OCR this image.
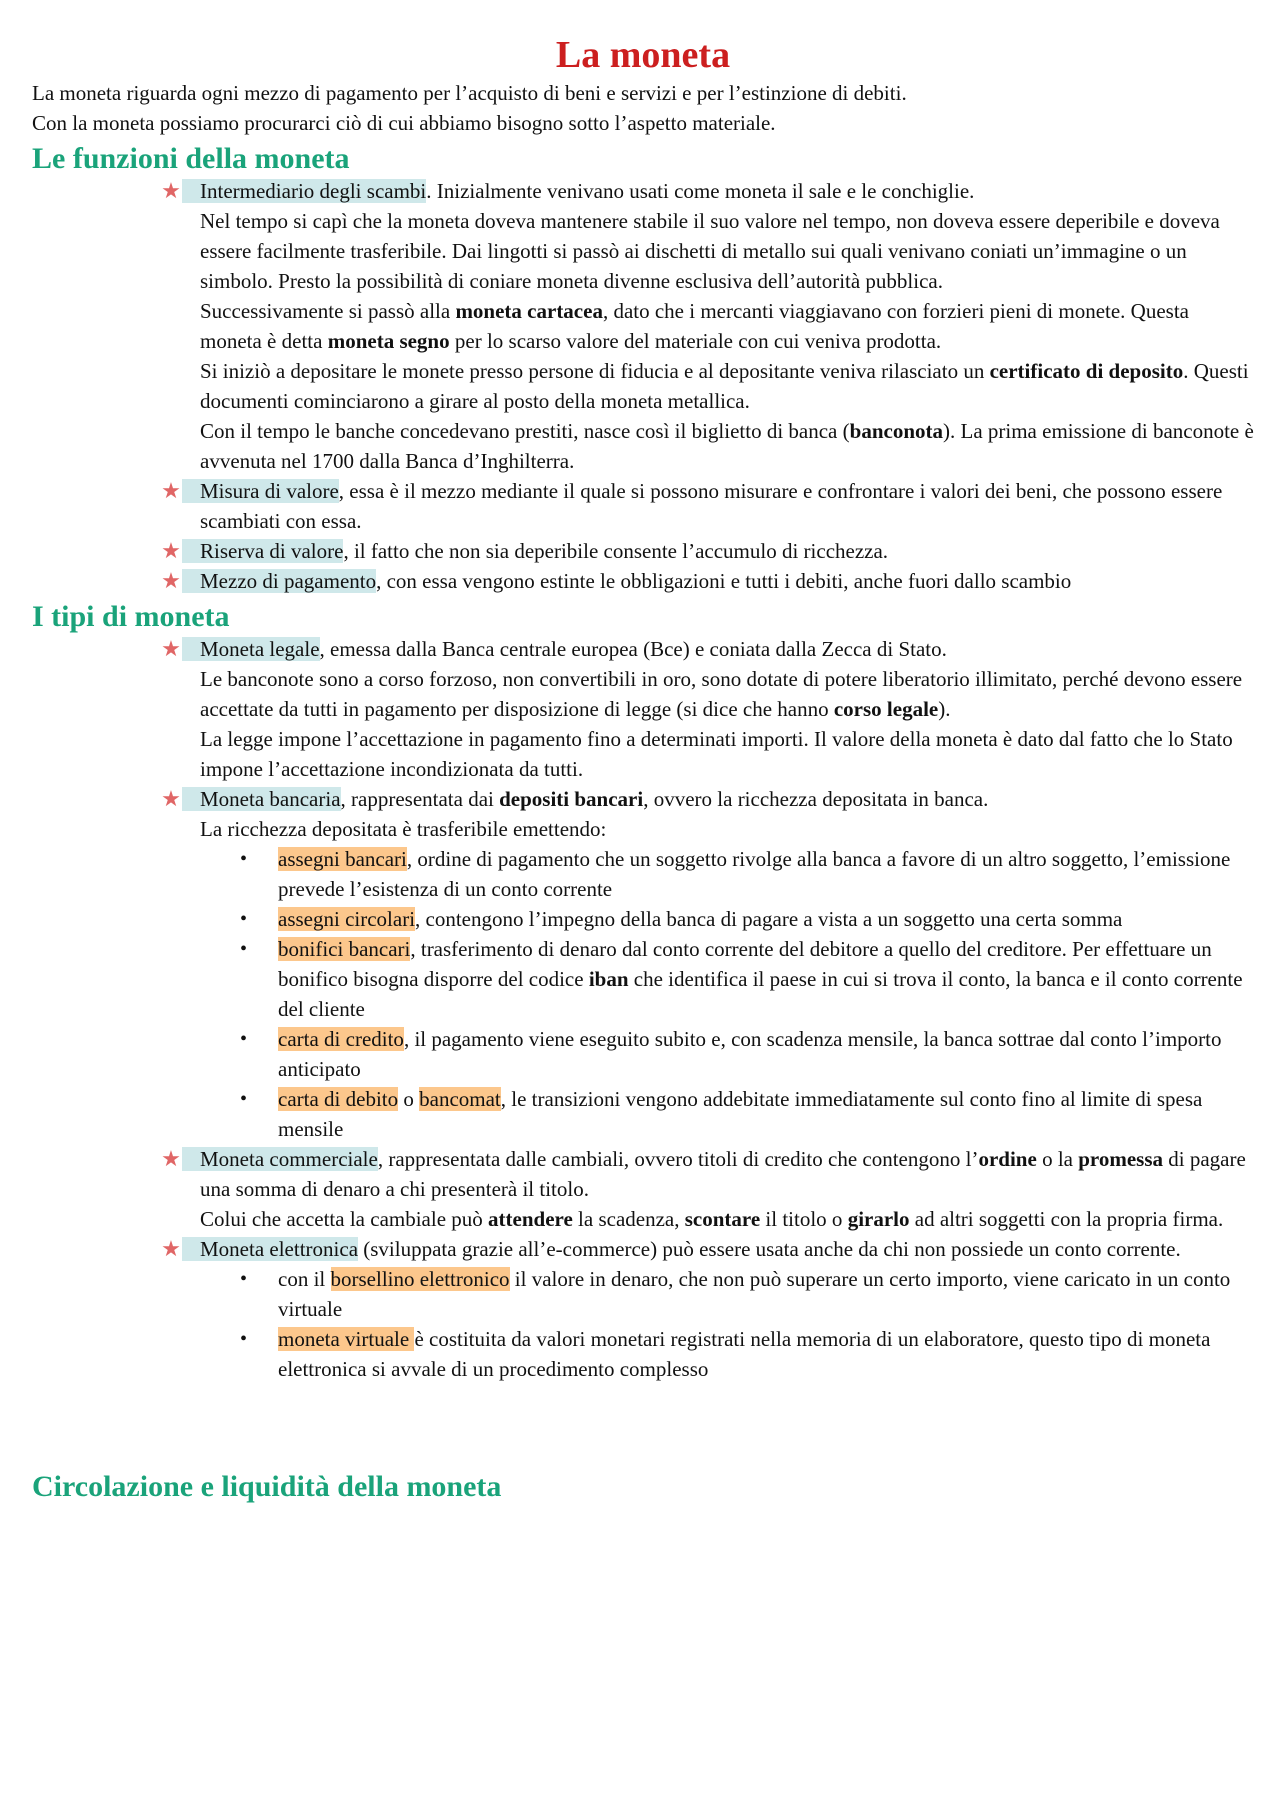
La moneta

La moneta riguarda ogni mezzo di pagamento per l’acquisto di beni e servizi e per l’estinzione di debiti.

Con la moneta possiamo procurarci ciò di cui abbiamo bisogno sotto l’aspetto materiale.

Le funzioni della moneta
★ Intermediario degli scambi. Inizialmente venivano usati come moneta il sale e le conchiglie.
Nel tempo si capì che la moneta doveva mantenere stabile il suo valore nel tempo, non doveva essere deperibile e doveva essere facilmente trasferibile. Dai lingotti si passò ai dischetti di metallo sui quali venivano coniati un’immagine o un simbolo. Presto la possibilità di coniare moneta divenne esclusiva dell’autorità pubblica.
Successivamente si passò alla moneta cartacea, dato che i mercanti viaggiavano con forzieri pieni di monete. Questa moneta è detta moneta segno per lo scarso valore del materiale con cui veniva prodotta.
Si iniziò a depositare le monete presso persone di fiducia e al depositante veniva rilasciato un certificato di deposito. Questi documenti cominciarono a girare al posto della moneta metallica.
Con il tempo le banche concedevano prestiti, nasce così il biglietto di banca (banconota). La prima emissione di banconote è avvenuta nel 1700 dalla Banca d’Inghilterra.
★ Misura di valore, essa è il mezzo mediante il quale si possono misurare e confrontare i valori dei beni, che possono essere scambiati con essa.
★ Riserva di valore, il fatto che non sia deperibile consente l’accumulo di ricchezza.
★ Mezzo di pagamento, con essa vengono estinte le obbligazioni e tutti i debiti, anche fuori dallo scambio
I tipi di moneta
★ Moneta legale, emessa dalla Banca centrale europea (Bce) e coniata dalla Zecca di Stato.
Le banconote sono a corso forzoso, non convertibili in oro, sono dotate di potere liberatorio illimitato, perché devono essere accettate da tutti in pagamento per disposizione di legge (si dice che hanno corso legale).
La legge impone l’accettazione in pagamento fino a determinati importi. Il valore della moneta è dato dal fatto che lo Stato impone l’accettazione incondizionata da tutti.
★ Moneta bancaria, rappresentata dai depositi bancari, ovvero la ricchezza depositata in banca.
La ricchezza depositata è trasferibile emettendo:
• assegni bancari, ordine di pagamento che un soggetto rivolge alla banca a favore di un altro soggetto, l’emissione prevede l’esistenza di un conto corrente
• assegni circolari, contengono l’impegno della banca di pagare a vista a un soggetto una certa somma
• bonifici bancari, trasferimento di denaro dal conto corrente del debitore a quello del creditore. Per effettuare un bonifico bisogna disporre del codice iban che identifica il paese in cui si trova il conto, la banca e il conto corrente del cliente
• carta di credito, il pagamento viene eseguito subito e, con scadenza mensile, la banca sottrae dal conto l’importo anticipato
• carta di debito o bancomat, le transizioni vengono addebitate immediatamente sul conto fino al limite di spesa mensile
★ Moneta commerciale, rappresentata dalle cambiali, ovvero titoli di credito che contengono l’ordine o la promessa di pagare una somma di denaro a chi presenterà il titolo.
Colui che accetta la cambiale può attendere la scadenza, scontare il titolo o girarlo ad altri soggetti con la propria firma.
★ Moneta elettronica (sviluppata grazie all’e-commerce) può essere usata anche da chi non possiede un conto corrente.
• con il borsellino elettronico il valore in denaro, che non può superare un certo importo, viene caricato in un conto virtuale
• moneta virtuale è costituita da valori monetari registrati nella memoria di un elaboratore, questo tipo di moneta elettronica si avvale di un procedimento complesso
Circolazione e liquidità della moneta
